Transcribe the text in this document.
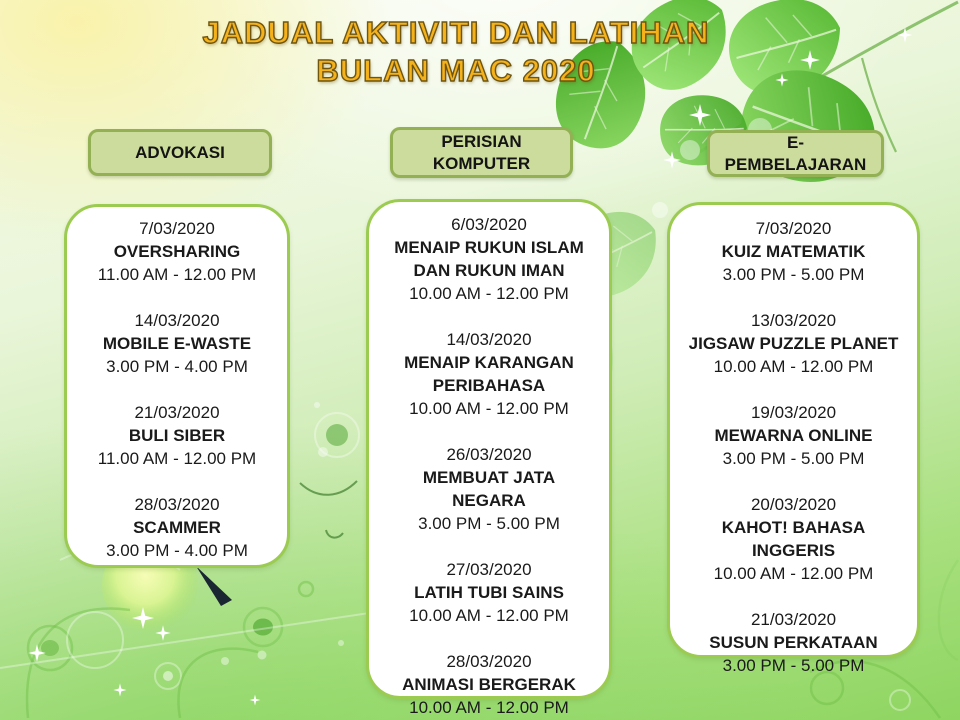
JADUAL AKTIVITI DAN LATIHAN
BULAN MAC 2020
ADVOKASI
PERISIAN KOMPUTER
E-PEMBELAJARAN
7/03/2020
OVERSHARING
11.00 AM - 12.00 PM
14/03/2020
MOBILE E-WASTE
3.00 PM - 4.00 PM
21/03/2020
BULI SIBER
11.00 AM - 12.00 PM
28/03/2020
SCAMMER
3.00 PM - 4.00 PM
6/03/2020
MENAIP RUKUN ISLAM DAN RUKUN IMAN
10.00 AM - 12.00 PM
14/03/2020
MENAIP KARANGAN PERIBAHASA
10.00 AM - 12.00 PM
26/03/2020
MEMBUAT JATA NEGARA
3.00 PM - 5.00 PM
27/03/2020
LATIH TUBI SAINS
10.00 AM - 12.00 PM
28/03/2020
ANIMASI BERGERAK
10.00 AM - 12.00 PM
7/03/2020
KUIZ MATEMATIK
3.00 PM - 5.00 PM
13/03/2020
JIGSAW PUZZLE PLANET
10.00 AM - 12.00 PM
19/03/2020
MEWARNA ONLINE
3.00 PM - 5.00 PM
20/03/2020
KAHOT! BAHASA INGGERIS
10.00 AM - 12.00 PM
21/03/2020
SUSUN PERKATAAN
3.00 PM - 5.00 PM
